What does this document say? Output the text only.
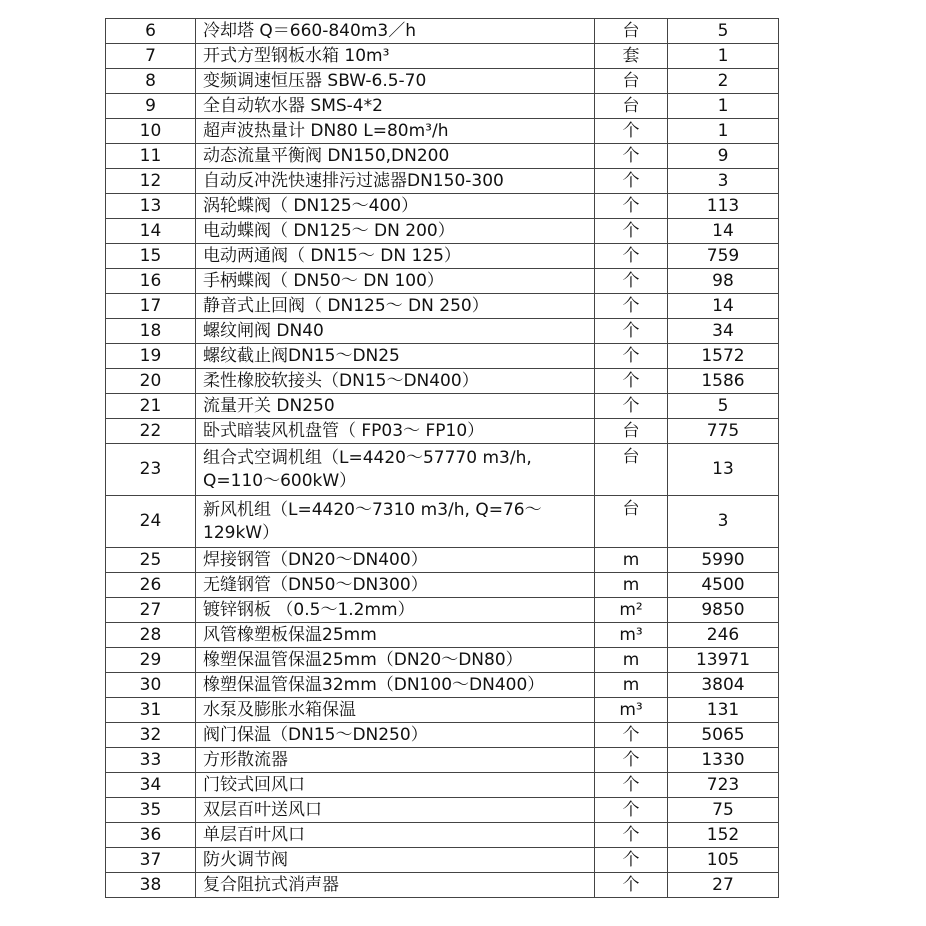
6	冷却塔 Q＝660-840m3／h	台	5
7	开式方型钢板水箱 10m³	套	1
8	变频调速恒压器 SBW-6.5-70	台	2
9	全自动软水器 SMS-4*2	台	1
10	超声波热量计 DN80 L=80m³/h	个	1
11	动态流量平衡阀 DN150,DN200	个	9
12	自动反冲洗快速排污过滤器DN150-300	个	3
13	涡轮蝶阀（ DN125～400）	个	113
14	电动蝶阀（ DN125～ DN 200）	个	14
15	电动两通阀（ DN15～ DN 125）	个	759
16	手柄蝶阀（ DN50～ DN 100）	个	98
17	静音式止回阀（ DN125～ DN 250）	个	14
18	螺纹闸阀 DN40	个	34
19	螺纹截止阀DN15～DN25	个	1572
20	柔性橡胶软接头（DN15～DN400）	个	1586
21	流量开关 DN250	个	5
22	卧式暗装风机盘管（ FP03～ FP10）	台	775
23	组合式空调机组（L=4420～57770 m3/h, Q=110～600kW）	台	13
24	新风机组（L=4420～7310 m3/h, Q=76～129kW）	台	3
25	焊接钢管（DN20～DN400）	m	5990
26	无缝钢管（DN50～DN300）	m	4500
27	镀锌钢板 （0.5～1.2mm）	m²	9850
28	风管橡塑板保温25mm	m³	246
29	橡塑保温管保温25mm（DN20～DN80）	m	13971
30	橡塑保温管保温32mm（DN100～DN400）	m	3804
31	水泵及膨胀水箱保温	m³	131
32	阀门保温（DN15～DN250）	个	5065
33	方形散流器	个	1330
34	门铰式回风口	个	723
35	双层百叶送风口	个	75
36	单层百叶风口	个	152
37	防火调节阀	个	105
38	复合阻抗式消声器	个	27
